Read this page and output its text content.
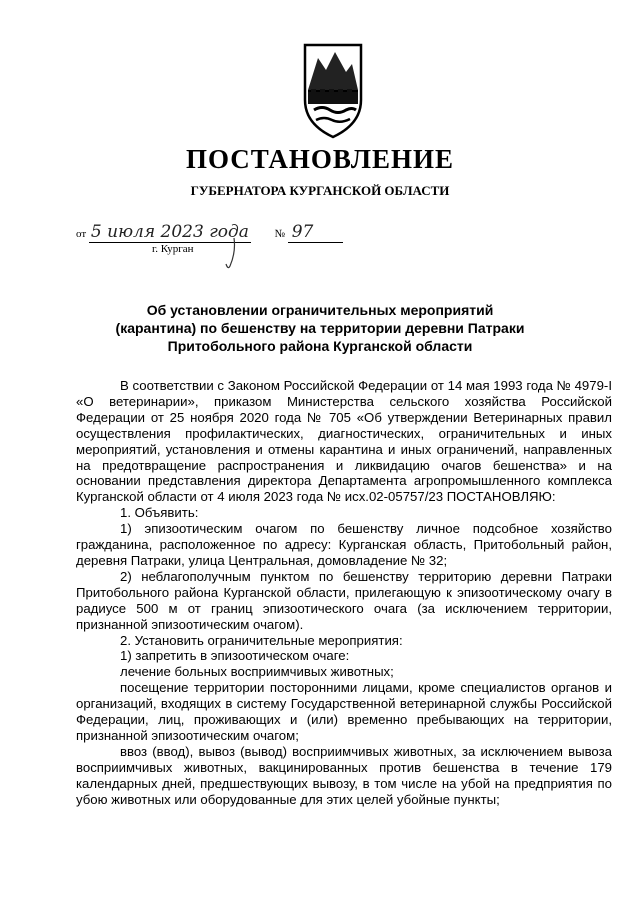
ПОСТАНОВЛЕНИЕ
ГУБЕРНАТОРА КУРГАНСКОЙ ОБЛАСТИ
от 5 июля 2023 года № 97
г. Курган
Об установлении ограничительных мероприятий
(карантина) по бешенству на территории деревни Патраки
Притобольного района Курганской области

В соответствии с Законом Российской Федерации от 14 мая 1993 года № 4979-I «О ветеринарии», приказом Министерства сельского хозяйства Российской Федерации от 25 ноября 2020 года № 705 «Об утверждении Ветеринарных правил осуществления профилактических, диагностических, ограничительных и иных мероприятий, установления и отмены карантина и иных ограничений, направленных на предотвращение распространения и ликвидацию очагов бешенства» и на основании представления директора Департамента агропромышленного комплекса Курганской области от 4 июля 2023 года № исх.02-05757/23 ПОСТАНОВЛЯЮ:

1. Объявить:

1) эпизоотическим очагом по бешенству личное подсобное хозяйство гражданина, расположенное по адресу: Курганская область, Притобольный район, деревня Патраки, улица Центральная, домовладение № 32;

2) неблагополучным пунктом по бешенству территорию деревни Патраки Притобольного района Курганской области, прилегающую к эпизоотическому очагу в радиусе 500 м от границ эпизоотического очага (за исключением территории, признанной эпизоотическим очагом).

2. Установить ограничительные мероприятия:

1) запретить в эпизоотическом очаге:

лечение больных восприимчивых животных;

посещение территории посторонними лицами, кроме специалистов органов и организаций, входящих в систему Государственной ветеринарной службы Российской Федерации, лиц, проживающих и (или) временно пребывающих на территории, признанной эпизоотическим очагом;

ввоз (ввод), вывоз (вывод) восприимчивых животных, за исключением вывоза восприимчивых животных, вакцинированных против бешенства в течение 179 календарных дней, предшествующих вывозу, в том числе на убой на предприятия по убою животных или оборудованные для этих целей убойные пункты;
